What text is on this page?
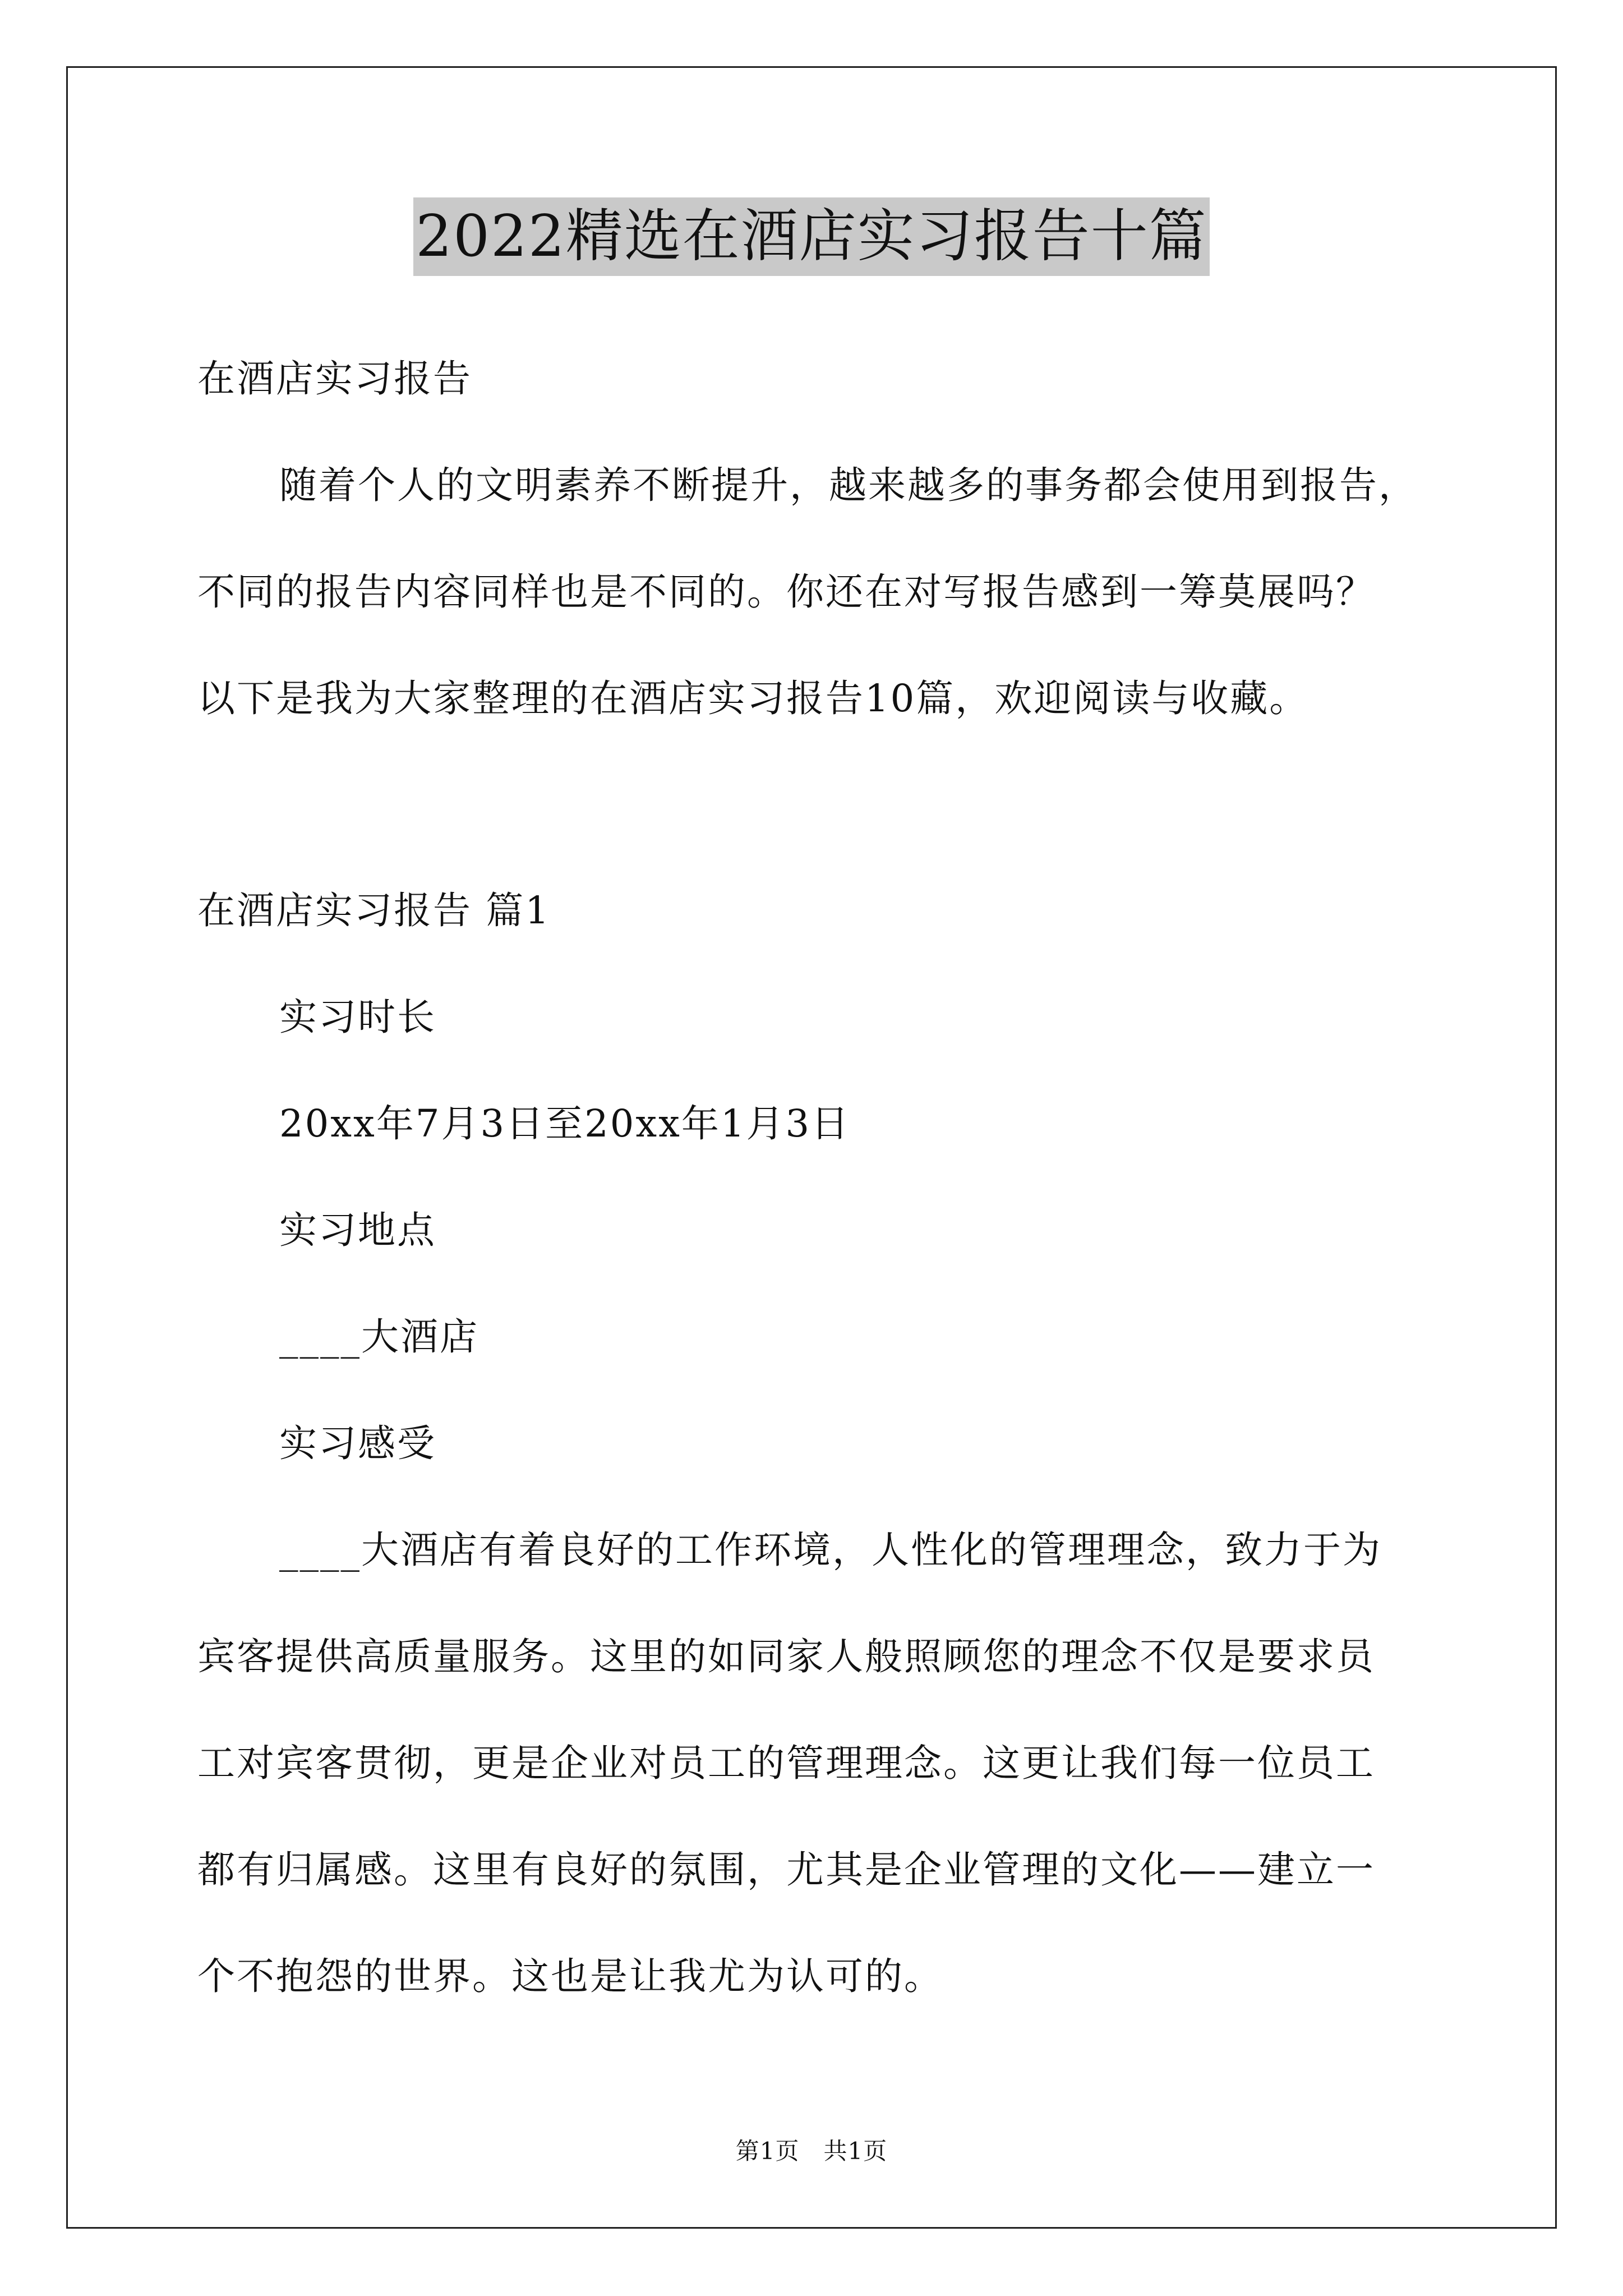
2022精选在酒店实习报告十篇
在酒店实习报告
随着个人的文明素养不断提升，越来越多的事务都会使用到报告，
不同的报告内容同样也是不同的。你还在对写报告感到一筹莫展吗？
以下是我为大家整理的在酒店实习报告10篇，欢迎阅读与收藏。
在酒店实习报告 篇1
实习时长
20xx年7月3日至20xx年1月3日
实习地点
____大酒店
实习感受
____大酒店有着良好的工作环境，人性化的管理理念，致力于为
宾客提供高质量服务。这里的如同家人般照顾您的理念不仅是要求员
工对宾客贯彻，更是企业对员工的管理理念。这更让我们每一位员工
都有归属感。这里有良好的氛围，尤其是企业管理的文化——建立一
个不抱怨的世界。这也是让我尤为认可的。
第1页　共1页
